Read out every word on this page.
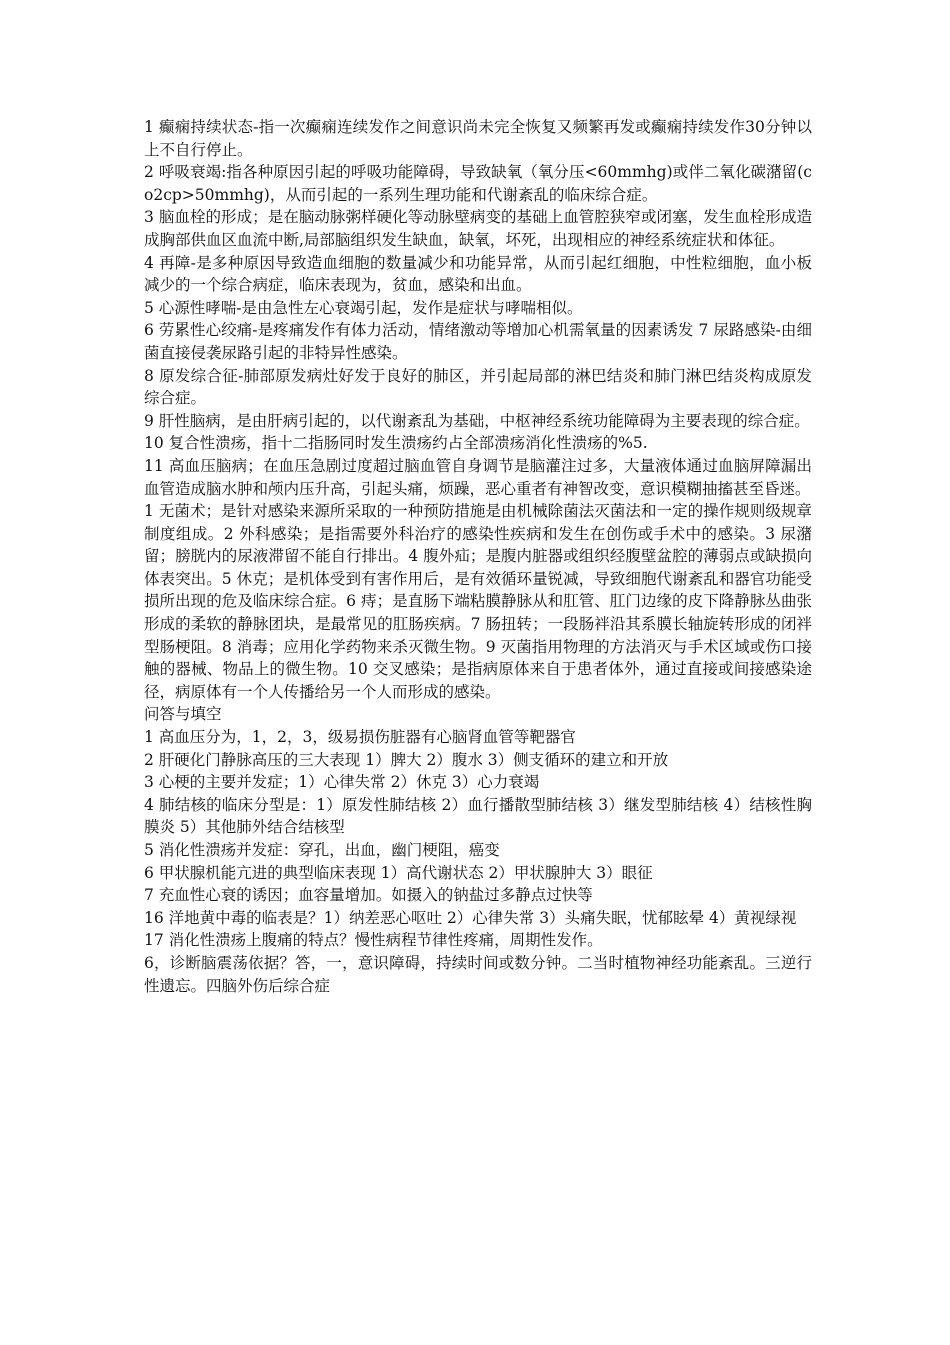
1 癫痫持续状态-指一次癫痫连续发作之间意识尚未完全恢复又频繁再发或癫痫持续发作30分钟以上不自行停止。

2 呼吸衰竭:指各种原因引起的呼吸功能障碍，导致缺氧（氧分压<60mmhg)或伴二氧化碳潴留(co2cp>50mmhg)，从而引起的一系列生理功能和代谢紊乱的临床综合症。

3 脑血栓的形成；是在脑动脉粥样硬化等动脉壁病变的基础上血管腔狭窄或闭塞，发生血栓形成造成胸部供血区血流中断,局部脑组织发生缺血，缺氧，坏死，出现相应的神经系统症状和体征。

4 再障-是多种原因导致造血细胞的数量减少和功能异常，从而引起红细胞，中性粒细胞，血小板减少的一个综合病症，临床表现为，贫血，感染和出血。

5 心源性哮喘-是由急性左心衰竭引起，发作是症状与哮喘相似。

6 劳累性心绞痛-是疼痛发作有体力活动，情绪激动等增加心机需氧量的因素诱发 7 尿路感染-由细菌直接侵袭尿路引起的非特异性感染。

8 原发综合征-肺部原发病灶好发于良好的肺区，并引起局部的淋巴结炎和肺门淋巴结炎构成原发综合症。

9 肝性脑病，是由肝病引起的，以代谢紊乱为基础，中枢神经系统功能障碍为主要表现的综合症。

10 复合性溃疡，指十二指肠同时发生溃疡约占全部溃疡消化性溃疡的%5.

11 高血压脑病；在血压急剧过度超过脑血管自身调节是脑灌注过多，大量液体通过血脑屏障漏出血管造成脑水肿和颅内压升高，引起头痛，烦躁，恶心重者有神智改变，意识模糊抽搐甚至昏迷。

1 无菌术；是针对感染来源所采取的一种预防措施是由机械除菌法灭菌法和一定的操作规则级规章制度组成。2 外科感染；是指需要外科治疗的感染性疾病和发生在创伤或手术中的感染。3 尿潴留；膀胱内的尿液滞留不能自行排出。4 腹外疝；是腹内脏器或组织经腹壁盆腔的薄弱点或缺损向体表突出。5 休克；是机体受到有害作用后，是有效循环量锐减，导致细胞代谢紊乱和器官功能受损所出现的危及临床综合症。6 痔；是直肠下端粘膜静脉从和肛管、肛门边缘的皮下降静脉丛曲张形成的柔软的静脉团块，是最常见的肛肠疾病。7 肠扭转；一段肠袢沿其系膜长轴旋转形成的闭袢型肠梗阻。8 消毒；应用化学药物来杀灭微生物。9 灭菌指用物理的方法消灭与手术区域或伤口接触的器械、物品上的微生物。10 交叉感染；是指病原体来自于患者体外，通过直接或间接感染途径，病原体有一个人传播给另一个人而形成的感染。

问答与填空

1 高血压分为，1，2，3，级易损伤脏器有心脑肾血管等靶器官

2 肝硬化门静脉高压的三大表现 1）脾大 2）腹水 3）侧支循环的建立和开放

3 心梗的主要并发症；1）心律失常 2）休克 3）心力衰竭

4 肺结核的临床分型是：1）原发性肺结核 2）血行播散型肺结核 3）继发型肺结核 4）结核性胸膜炎 5）其他肺外结合结核型

5 消化性溃疡并发症：穿孔，出血，幽门梗阻，癌变

6 甲状腺机能亢进的典型临床表现 1）高代谢状态 2）甲状腺肿大 3）眼征

7 充血性心衰的诱因；血容量增加。如摄入的钠盐过多静点过快等

16 洋地黄中毒的临表是？1）纳差恶心呕吐 2）心律失常 3）头痛失眠，忧郁眩晕 4）黄视绿视

17 消化性溃疡上腹痛的特点？慢性病程节律性疼痛，周期性发作。

6，诊断脑震荡依据？答，一，意识障碍，持续时间或数分钟。二当时植物神经功能紊乱。三逆行性遗忘。四脑外伤后综合症
